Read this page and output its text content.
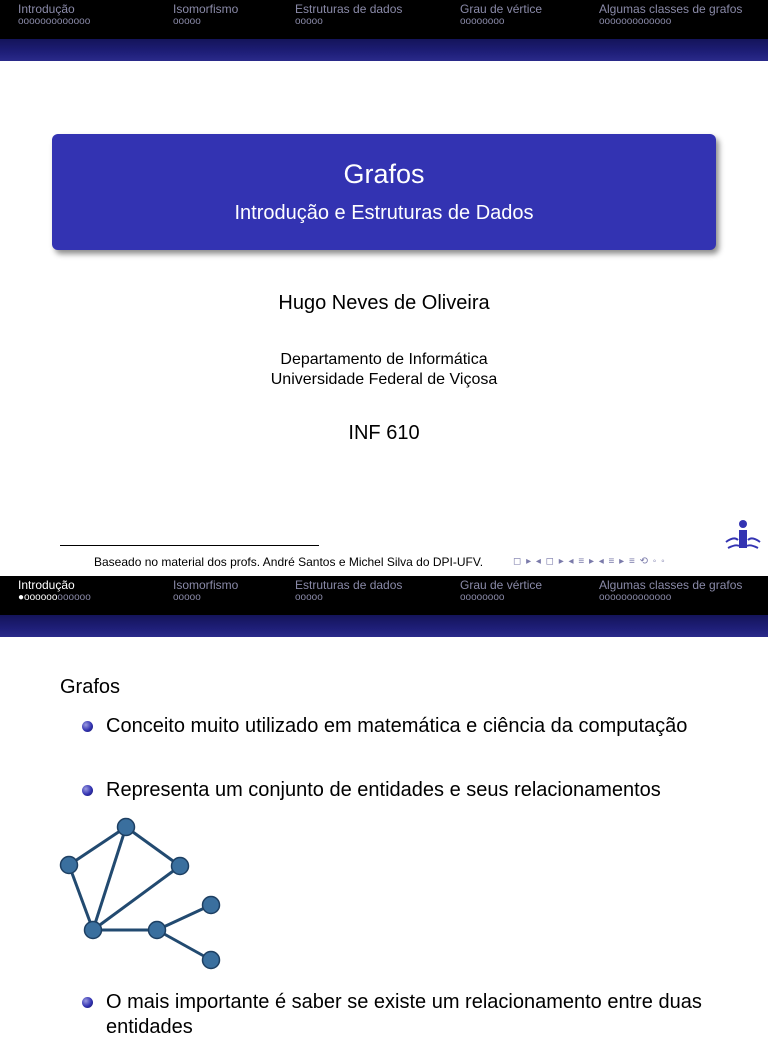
Introdução	Isomorfismo	Estruturas de dados	Grau de vértice	Algumas classes de grafos
ooooooooooooo	ooooo	ooooo	oooooooo	ooooooooooooo
Grafos
Introdução e Estruturas de Dados
Hugo Neves de Oliveira
Departamento de Informática
Universidade Federal de Viçosa
INF 610
Baseado no material dos profs. André Santos e Michel Silva do DPI-UFV.	◻ ▸ ◂ ◻ ▸ ◂ ≡ ▸ ◂ ≡ ▸ ≡ ⟲ ◦ ◦
Introdução	Isomorfismo	Estruturas de dados	Grau de vértice	Algumas classes de grafos
●oooooooooooo	ooooo	ooooo	oooooooo	ooooooooooooo
Grafos
Conceito muito utilizado em matemática e ciência da computação
Representa um conjunto de entidades e seus relacionamentos
O mais importante é saber se existe um relacionamento entre duas entidades
